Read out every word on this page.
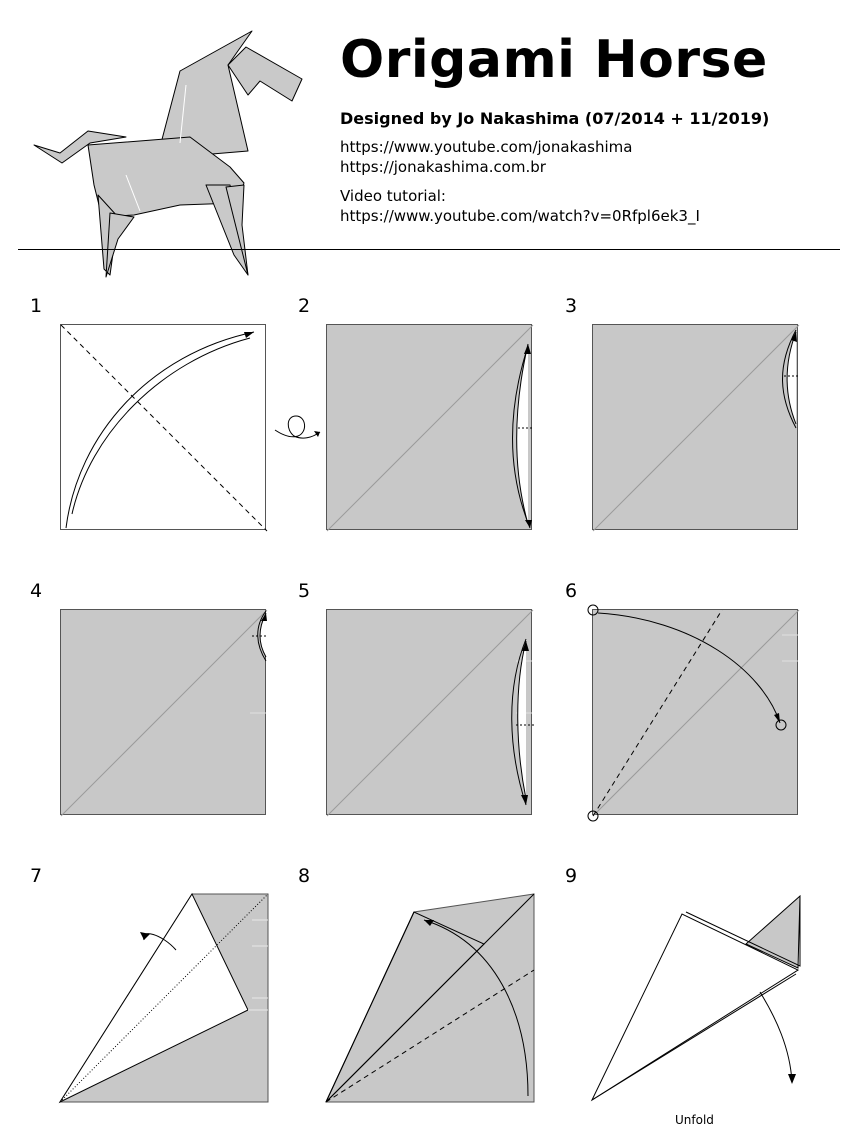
Origami Horse
Designed by Jo Nakashima (07/2014 + 11/2019)
https://www.youtube.com/jonakashima
https://jonakashima.com.br
Video tutorial:
https://www.youtube.com/watch?v=0Rfpl6ek3_I
1	2	3
4	5	6
7	8	9
Unfold
